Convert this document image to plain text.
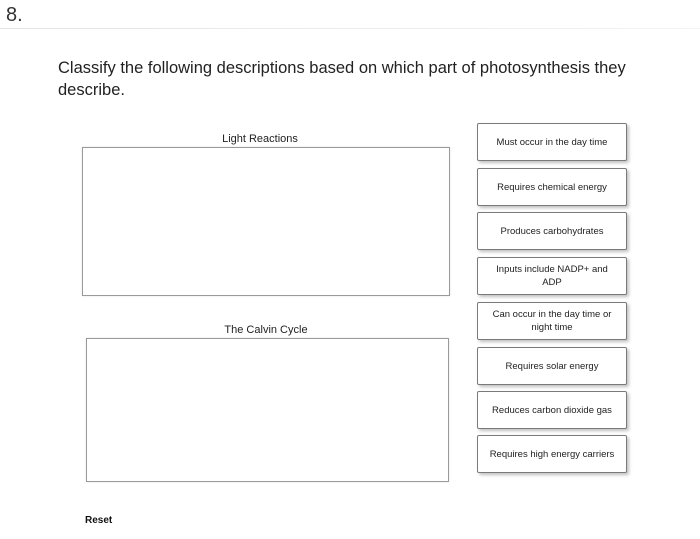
8.
Classify the following descriptions based on which part of photosynthesis they describe.
Light Reactions
The Calvin Cycle
Must occur in the day time
Requires chemical energy
Produces carbohydrates
Inputs include NADP+ and ADP
Can occur in the day time or night time
Requires solar energy
Reduces carbon dioxide gas
Requires high energy carriers
Reset
